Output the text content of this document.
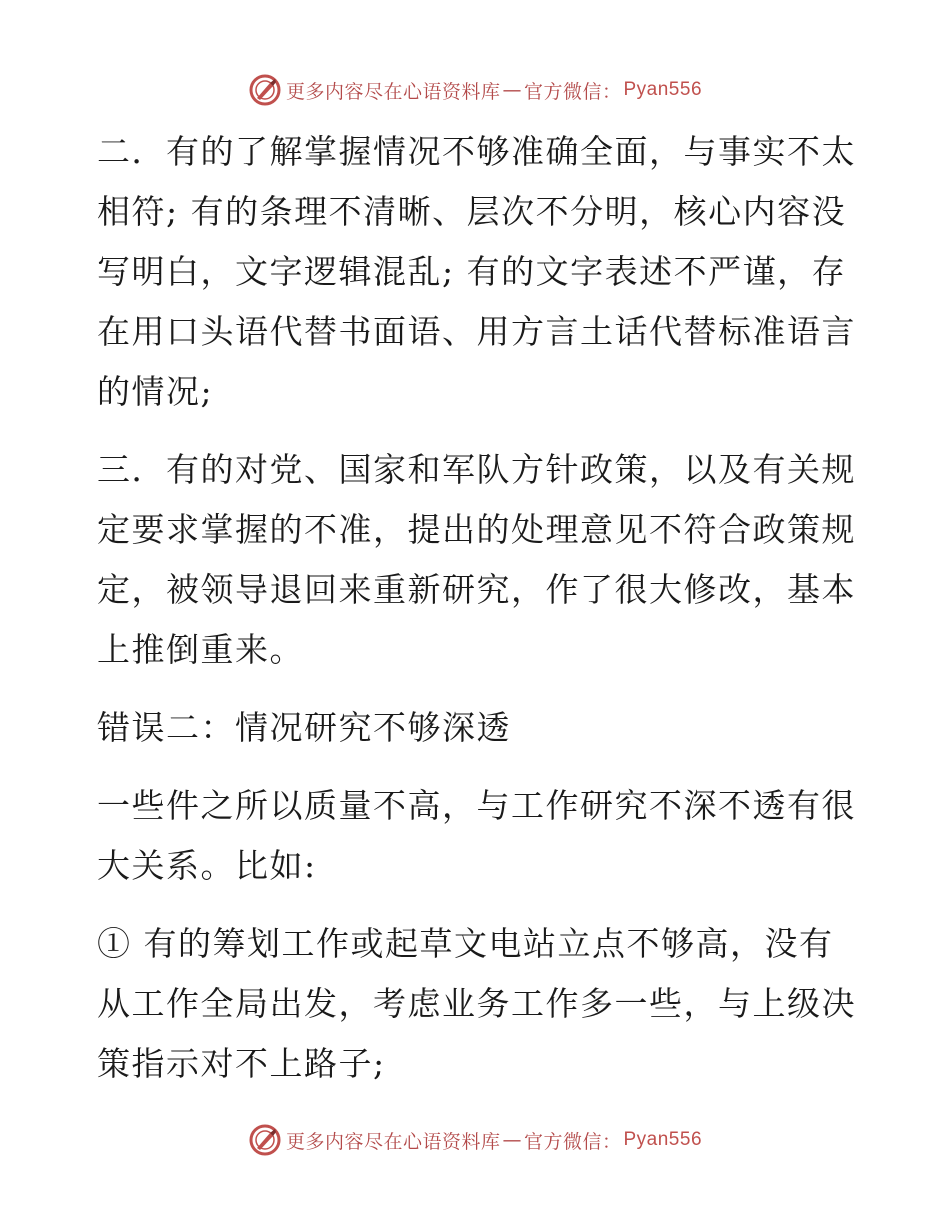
更多内容尽在心语资料库 — 官方微信： Pyan556

二．有的了解掌握情况不够准确全面，与事实不太相符; 有的条理不清晰、层次不分明，核心内容没写明白，文字逻辑混乱; 有的文字表述不严谨，存在用口头语代替书面语、用方言土话代替标准语言的情况;

三．有的对党、国家和军队方针政策，以及有关规定要求掌握的不准，提出的处理意见不符合政策规定，被领导退回来重新研究，作了很大修改，基本上推倒重来。

错误二：情况研究不够深透

一些件之所以质量不高，与工作研究不深不透有很大关系。比如:

① 有的筹划工作或起草文电站立点不够高，没有从工作全局出发，考虑业务工作多一些，与上级决策指示对不上路子;

更多内容尽在心语资料库 — 官方微信： Pyan556
